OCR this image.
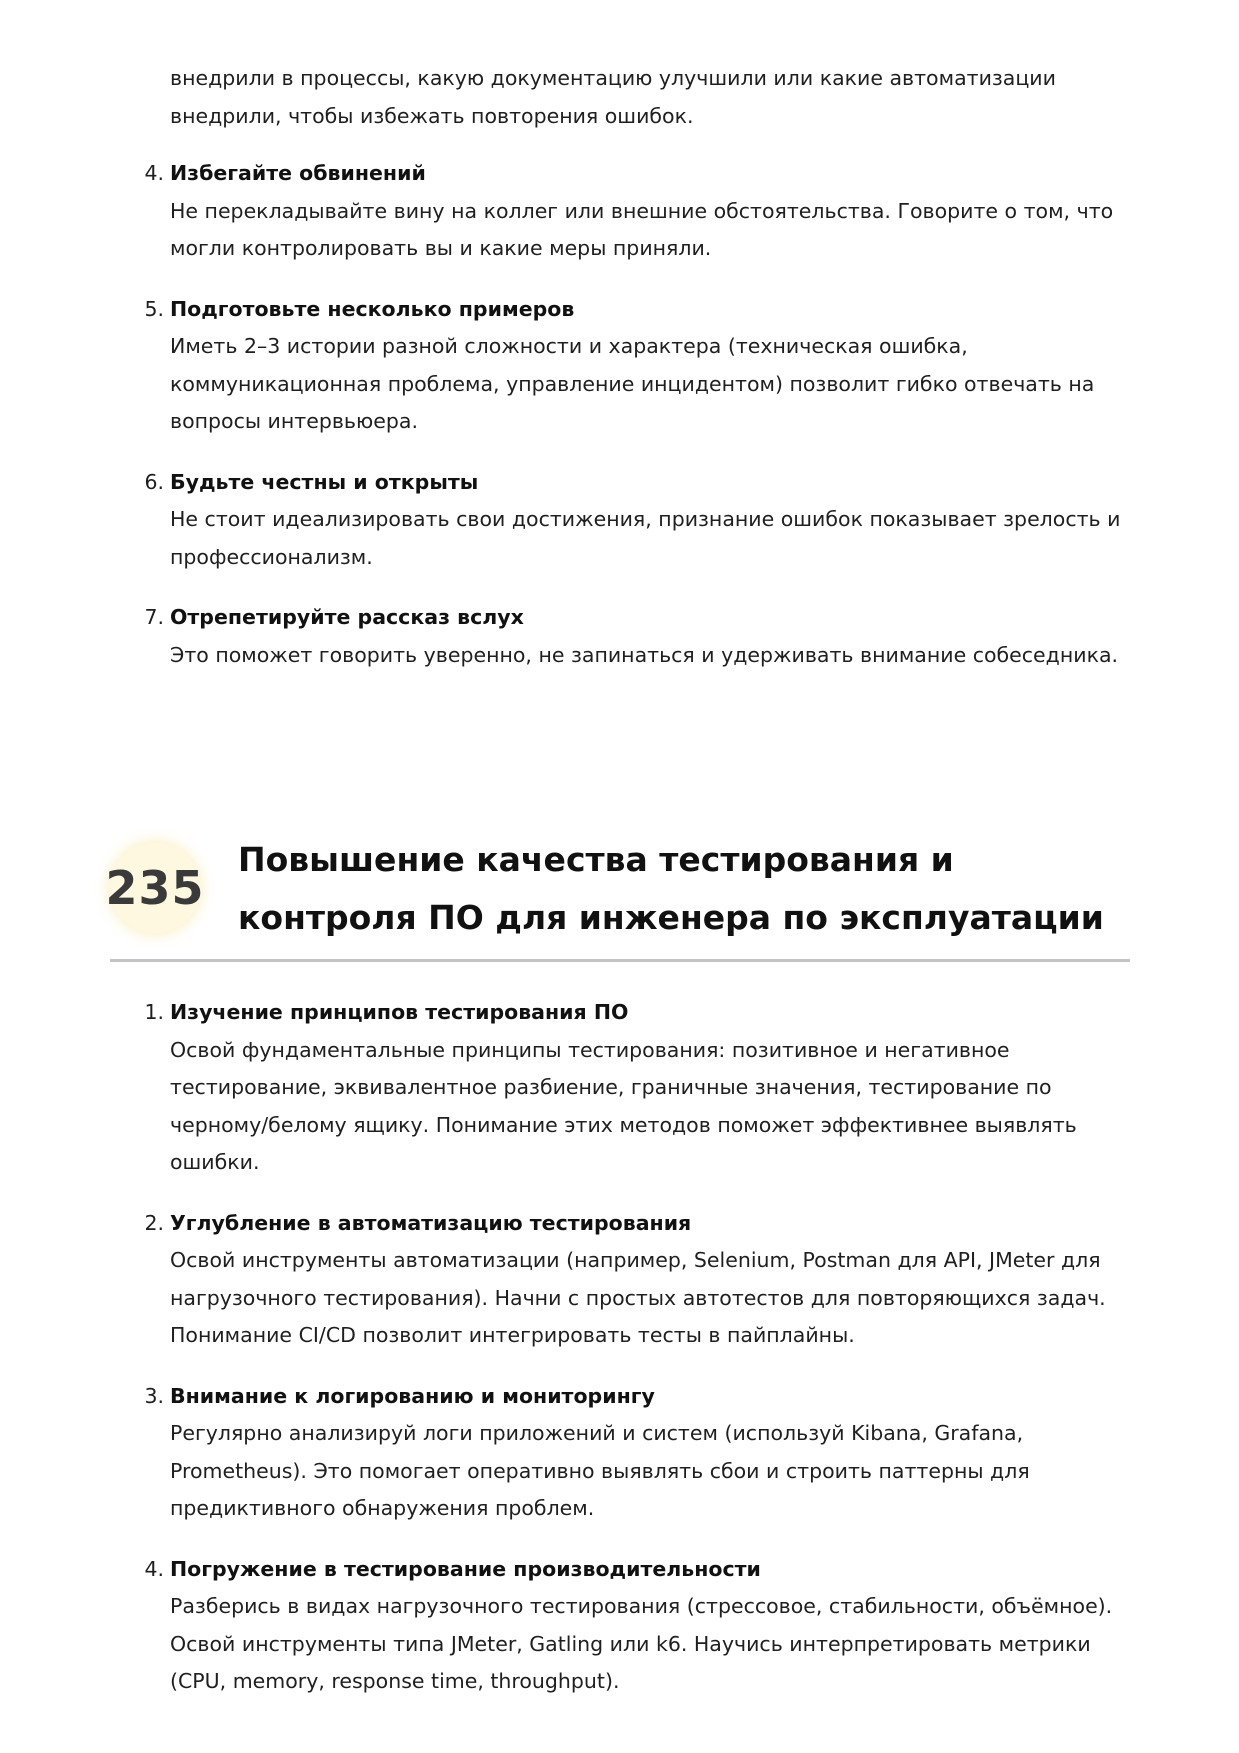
внедрили в процессы, какую документацию улучшили или какие автоматизации внедрили, чтобы избежать повторения ошибок.
4. Избегайте обвинений
Не перекладывайте вину на коллег или внешние обстоятельства. Говорите о том, что могли контролировать вы и какие меры приняли.
5. Подготовьте несколько примеров
Иметь 2–3 истории разной сложности и характера (техническая ошибка, коммуникационная проблема, управление инцидентом) позволит гибко отвечать на вопросы интервьюера.
6. Будьте честны и открыты
Не стоит идеализировать свои достижения, признание ошибок показывает зрелость и профессионализм.
7. Отрепетируйте рассказ вслух
Это поможет говорить уверенно, не запинаться и удерживать внимание собеседника.
235
Повышение качества тестирования и контроля ПО для инженера по эксплуатации
1. Изучение принципов тестирования ПО
Освой фундаментальные принципы тестирования: позитивное и негативное тестирование, эквивалентное разбиение, граничные значения, тестирование по черному/белому ящику. Понимание этих методов поможет эффективнее выявлять ошибки.
2. Углубление в автоматизацию тестирования
Освой инструменты автоматизации (например, Selenium, Postman для API, JMeter для нагрузочного тестирования). Начни с простых автотестов для повторяющихся задач. Понимание CI/CD позволит интегрировать тесты в пайплайны.
3. Внимание к логированию и мониторингу
Регулярно анализируй логи приложений и систем (используй Kibana, Grafana, Prometheus). Это помогает оперативно выявлять сбои и строить паттерны для предиктивного обнаружения проблем.
4. Погружение в тестирование производительности
Разберись в видах нагрузочного тестирования (стрессовое, стабильности, объёмное). Освой инструменты типа JMeter, Gatling или k6. Научись интерпретировать метрики (CPU, memory, response time, throughput).
